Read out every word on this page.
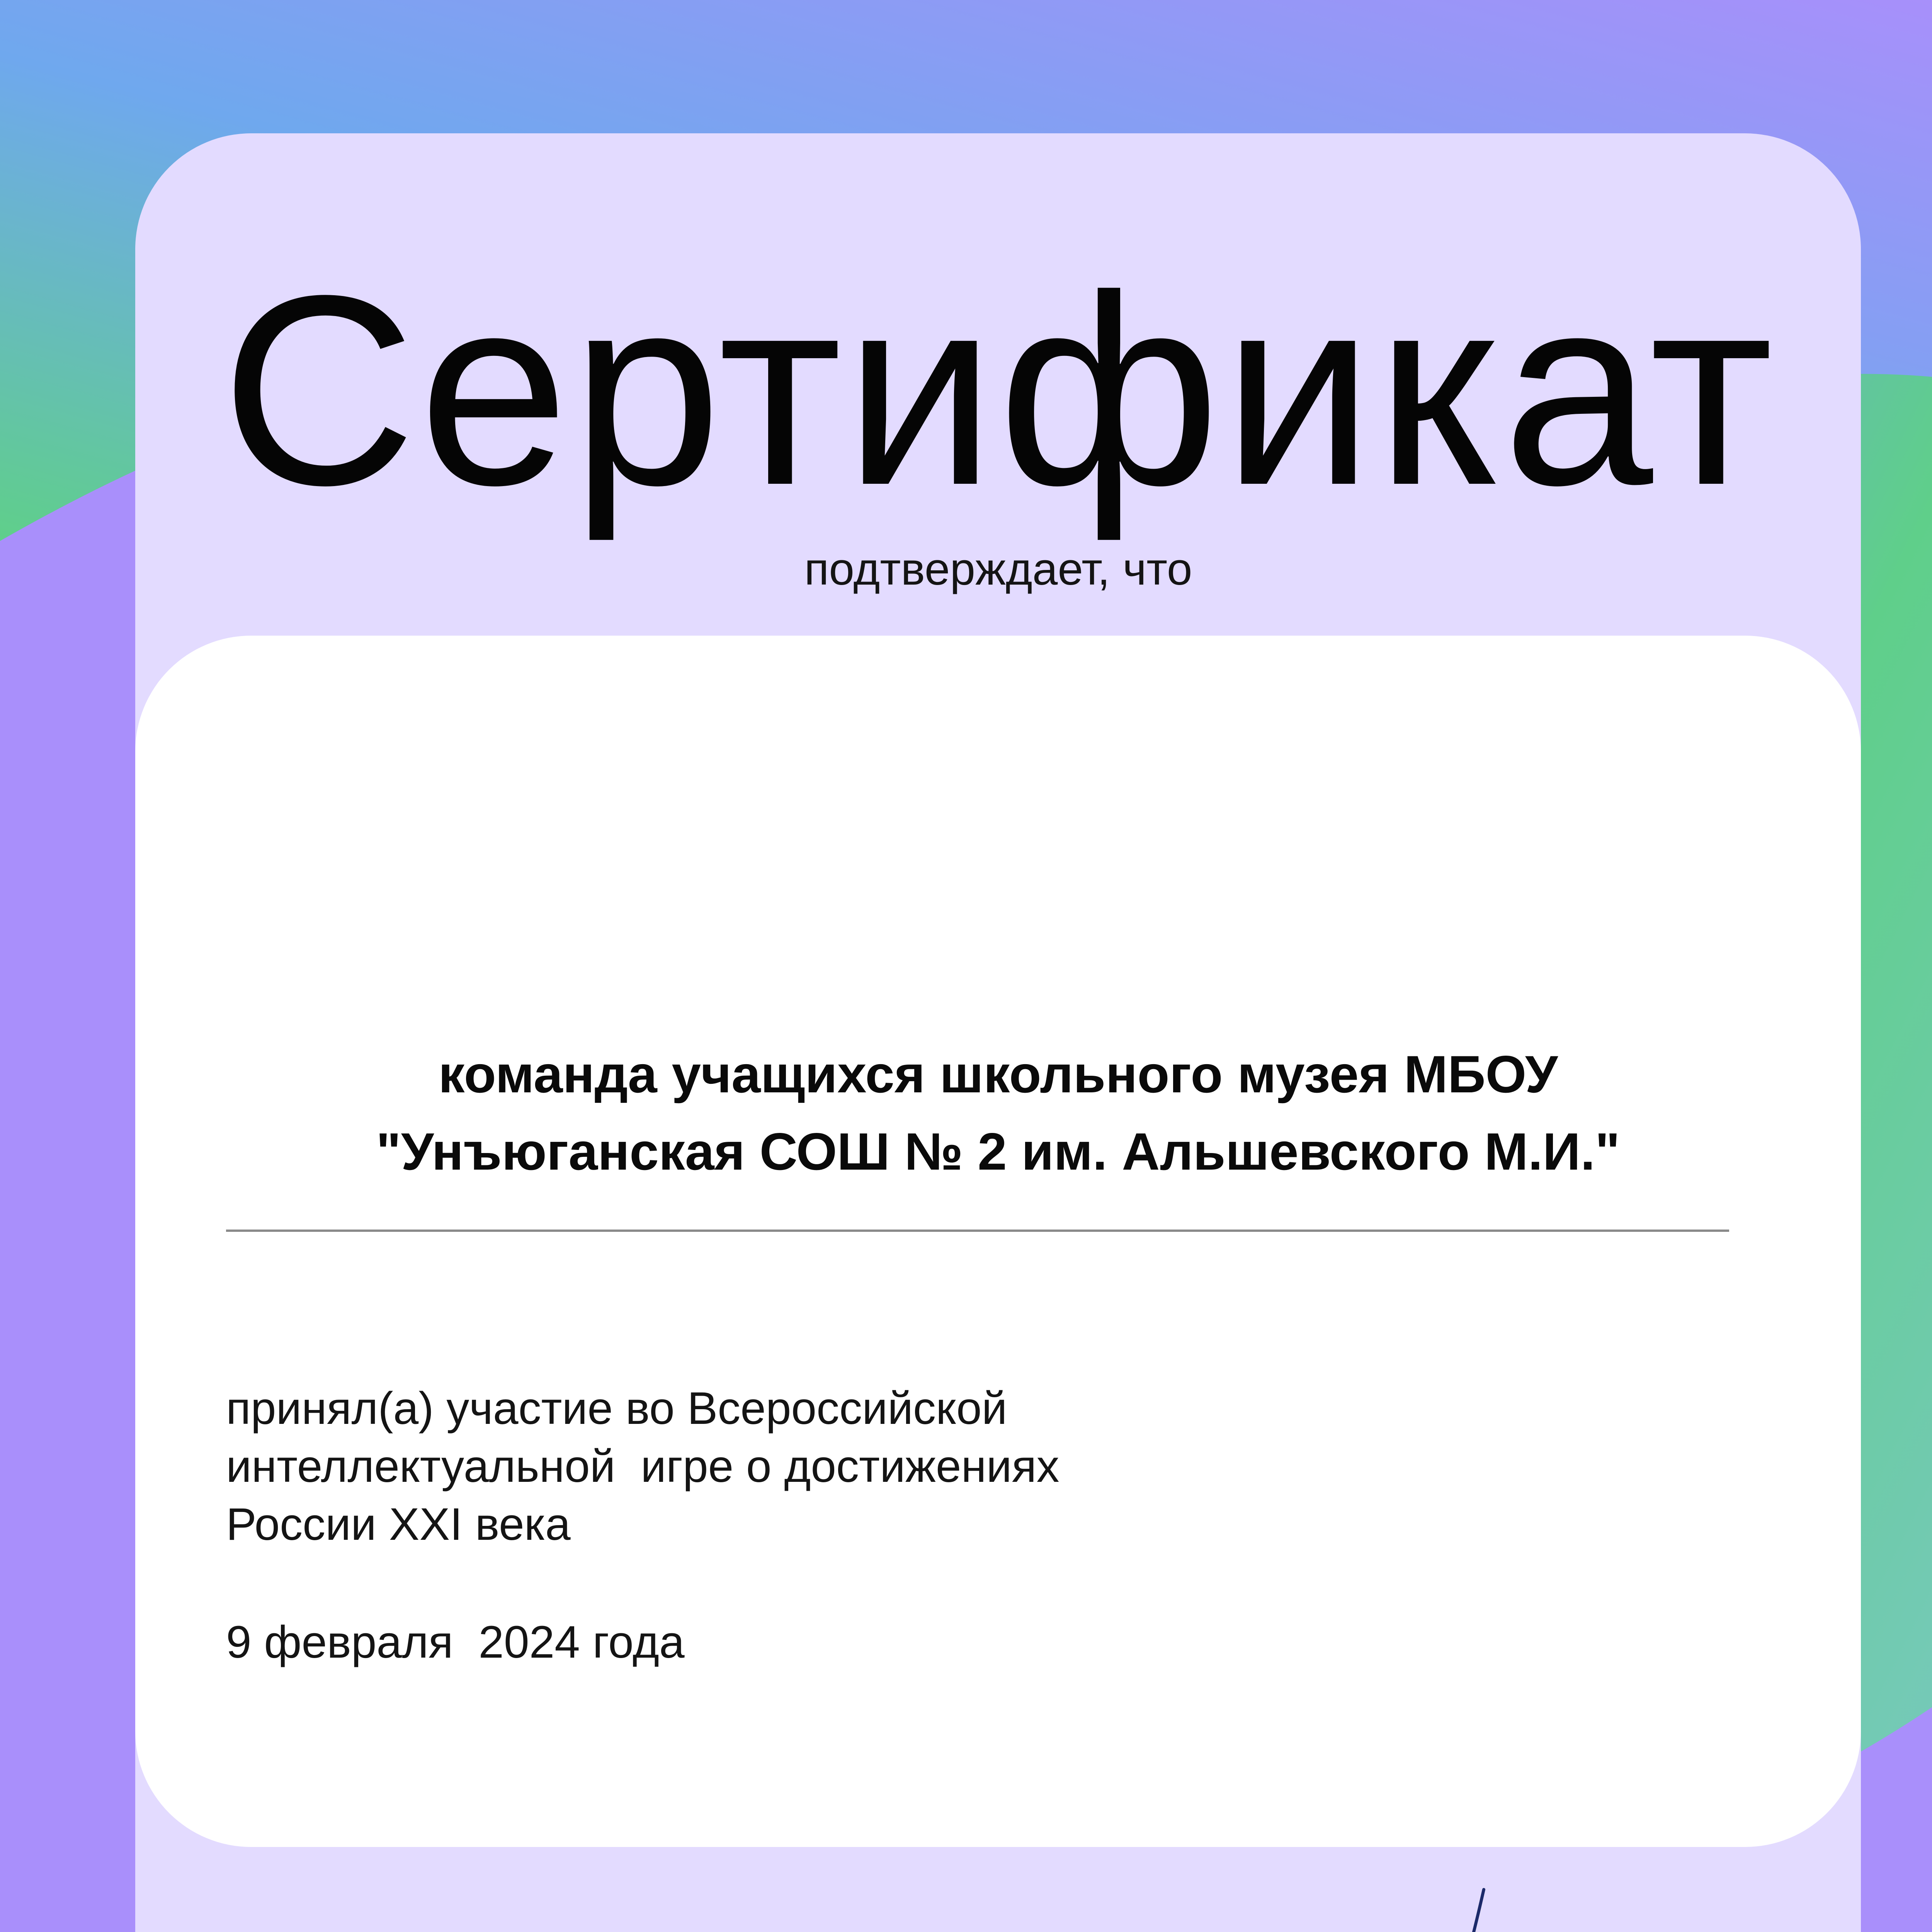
Сертификат
подтверждает, что
команда учащихся школьного музея МБОУ
"Унъюганская СОШ № 2 им. Альшевского М.И."
принял(а) участие во Всероссийской
интеллектуальной  игре о достижениях
России XXI века
9 февраля  2024 года
